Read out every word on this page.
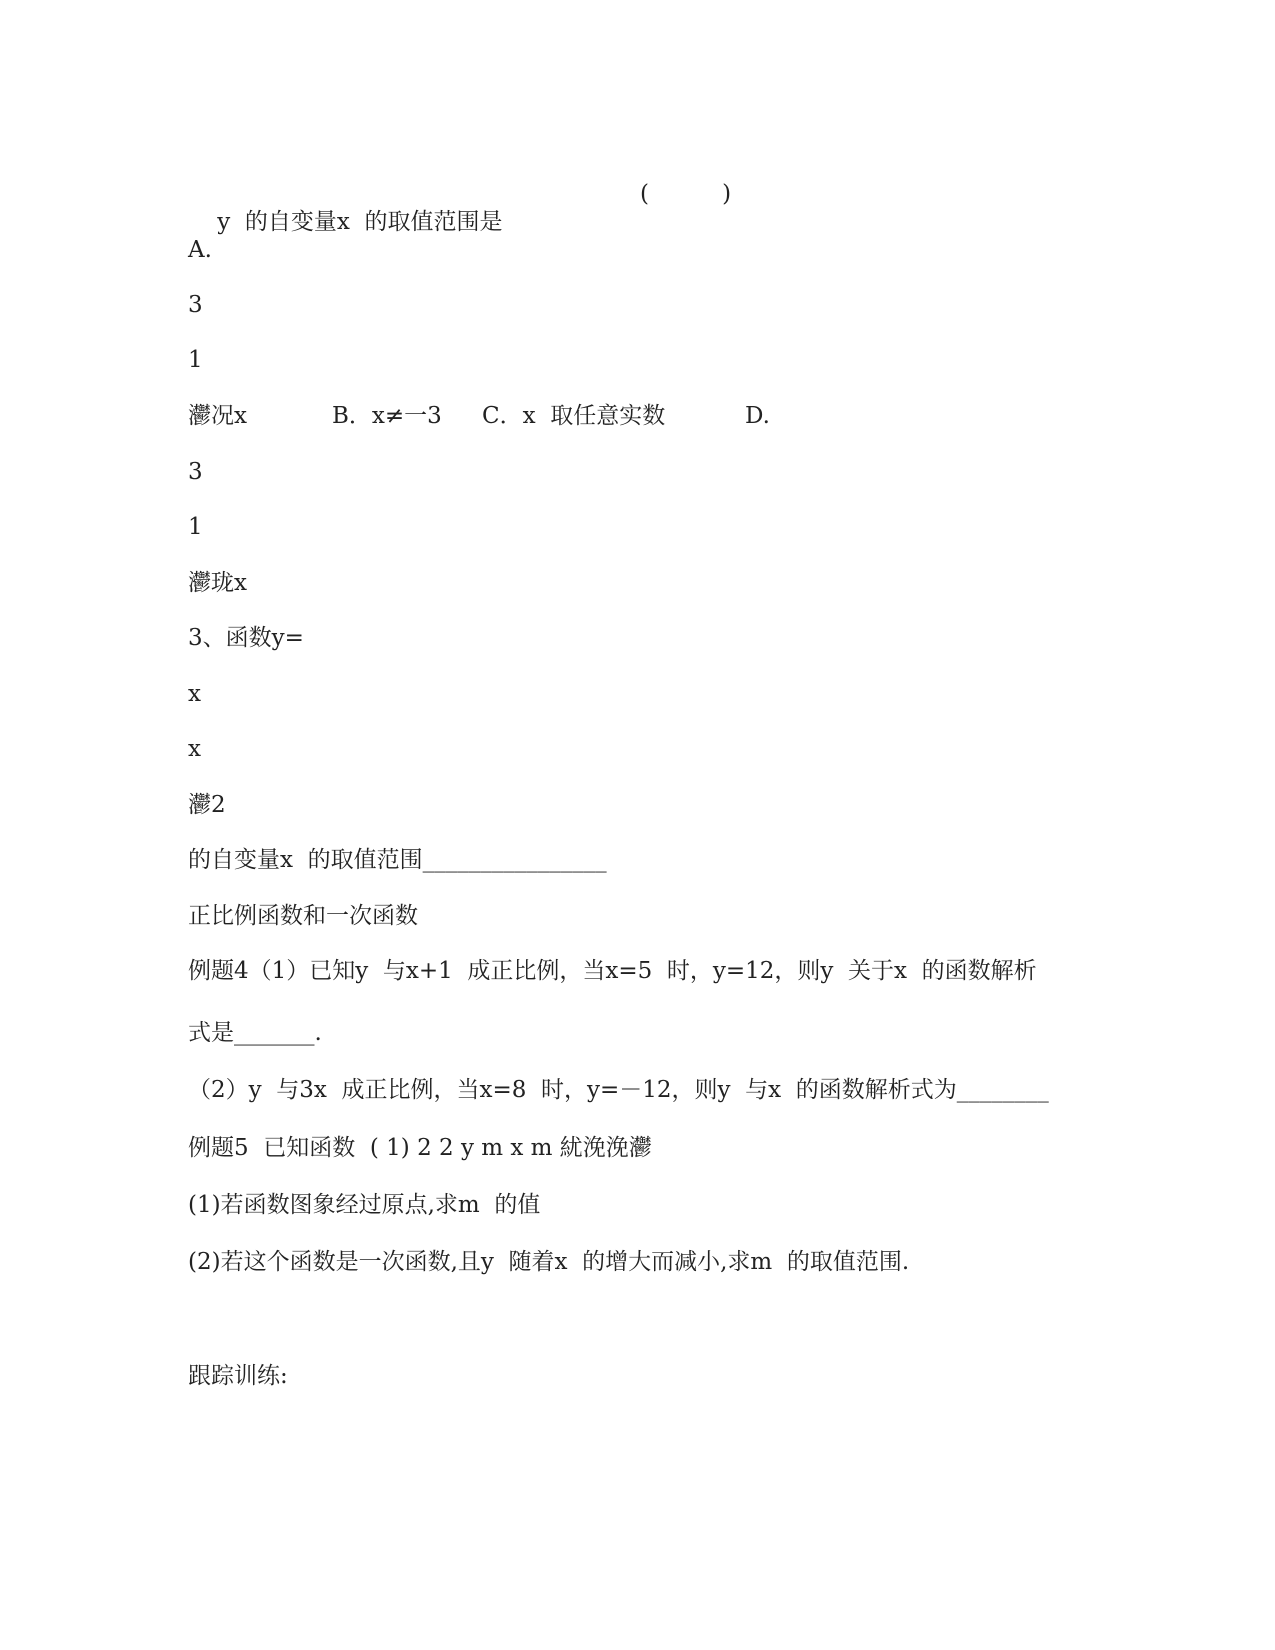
y  的自变量x  的取值范围是

(          )

A.
3
1

灪况x

	B．x≠一3

C．x  取任意实数

	D.

3
1
灪珑x
3、函数y=
x
x
灪2
的自变量x  的取值范围________________
正比例函数和一次函数
例题4（1）已知y  与x+1  成正比例，当x=5  时，y=12，则y  关于x  的函数解析
式是_______.
（2）y  与3x  成正比例，当x=8  时，y=－12，则y  与x  的函数解析式为________
例题5  已知函数  ( 1) 2 2 y m x m 紌浼浼灪
(1)若函数图象经过原点,求m  的值
(2)若这个函数是一次函数,且y  随着x  的增大而减小,求m  的取值范围.
跟踪训练:
